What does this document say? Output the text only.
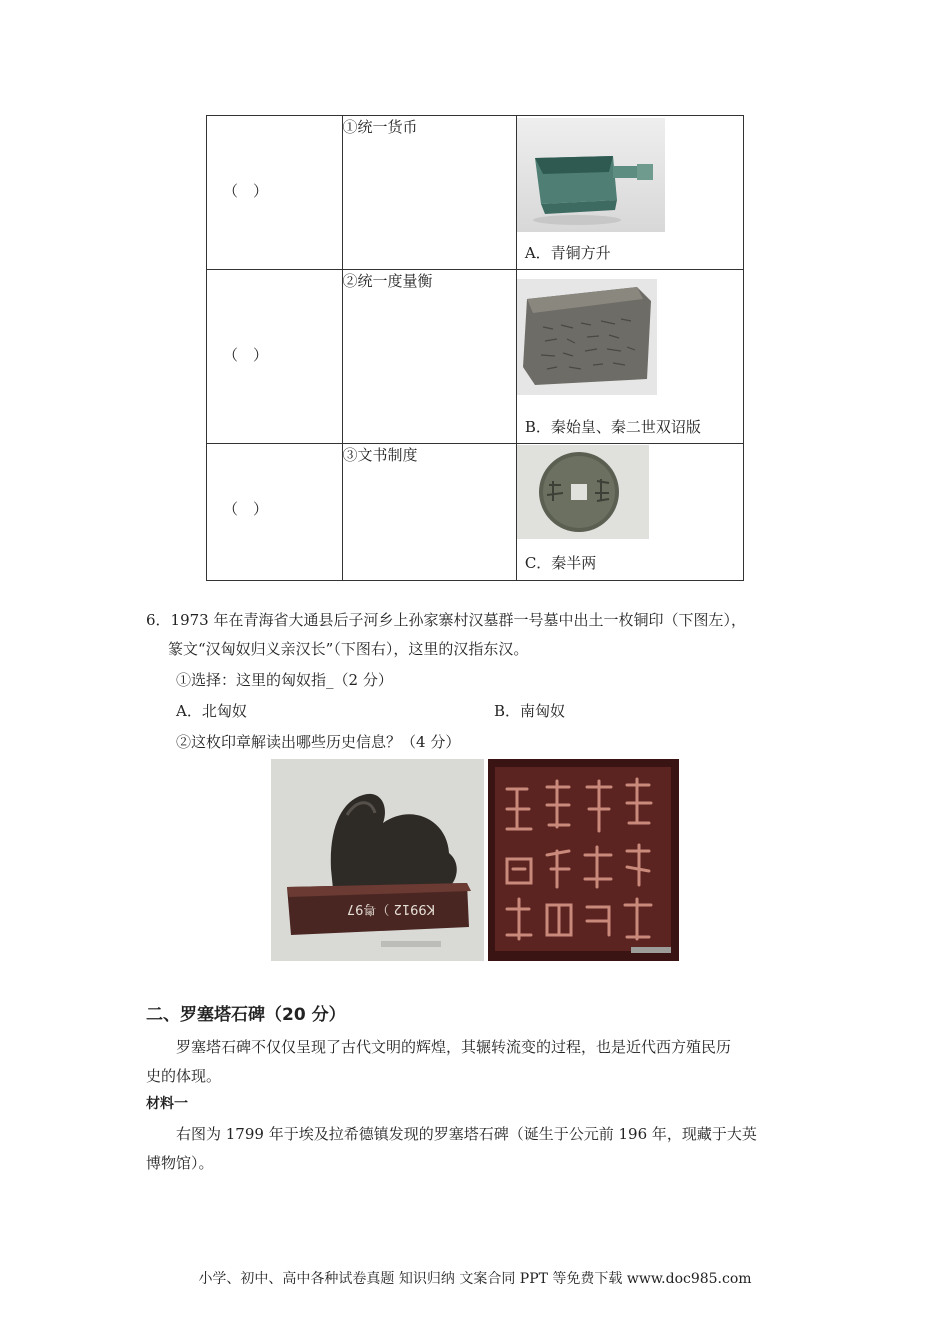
（　）	①统一货币	A．青铜方升

（　）	②统一度量衡	B．秦始皇、秦二世双诏版

（　）	③文书制度	C．秦半两
6．1973 年在青海省大通县后子河乡上孙家寨村汉墓群一号墓中出土一枚铜印（下图左），
篆文“汉匈奴归义亲汉长”（下图右），这里的汉指东汉。
①选择：这里的匈奴指_（2 分）
A．北匈奴	B．南匈奴
②这枚印章解读出哪些历史信息？（4 分）
K9912 ）粤97
二、罗塞塔石碑（20 分）
罗塞塔石碑不仅仅呈现了古代文明的辉煌，其辗转流变的过程，也是近代西方殖民历
史的体现。
材料一
右图为 1799 年于埃及拉希德镇发现的罗塞塔石碑（诞生于公元前 196 年，现藏于大英
博物馆）。
小学、初中、高中各种试卷真题 知识归纳 文案合同 PPT 等免费下载 www.doc985.com
